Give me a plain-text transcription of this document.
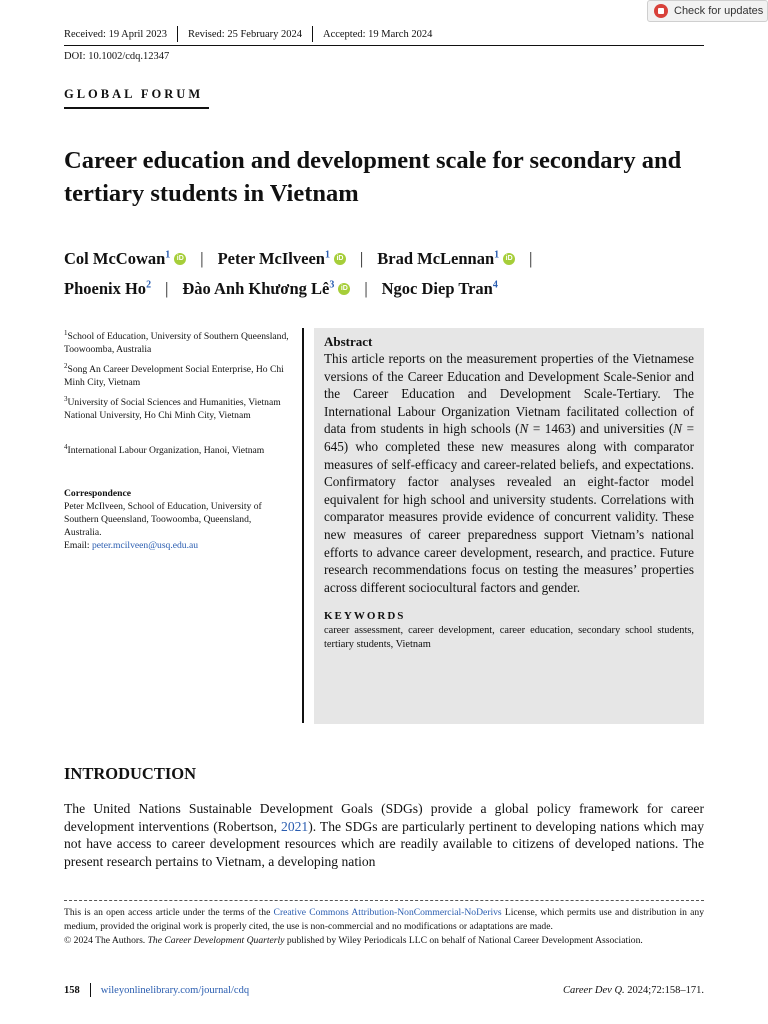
Check for updates
Received: 19 April 2023 Revised: 25 February 2024 Accepted: 19 March 2024
DOI: 10.1002/cdq.12347
GLOBAL FORUM
Career education and development scale for secondary and tertiary students in Vietnam
Col McCowan$^1$ iD | Peter McIlveen$^1$ iD | Brad McLennan$^1$ iD |
Phoenix Ho$^2$ | Đào Anh Khương $Lê^3$ iD | Ngoc Diep Tran$^4$
$^1$School of Education, University of Southern Queensland, Toowoomba, Australia
$^2$Song An Career Development Social Enterprise, Ho Chi Minh City, Vietnam
$^3$University of Social Sciences and Humanities, Vietnam National University, Ho Chi Minh City, Vietnam
$^4$International Labour Organization, Hanoi, Vietnam
Correspondence
Peter McIlveen, School of Education, University of Southern Queensland, Toowoomba, Queensland, Australia.
Email: peter.mcilveen@usq.edu.au
Abstract

This article reports on the measurement properties of the Vietnamese versions of the Career Education and Development Scale-Senior and the Career Education and Development Scale-Tertiary. The International Labour Organization Vietnam facilitated collection of data from students in high schools (N = 1463) and universities (N = 645) who completed these new measures along with comparator measures of self-efficacy and career-related beliefs, and expectations. Confirmatory factor analyses revealed an eight-factor model equivalent for high school and university students. Correlations with comparator measures provide evidence of concurrent validity. These new measures of career preparedness support Vietnam’s national efforts to advance career development, research, and practice. Future research recommendations focus on testing the measures’ properties across different sociocultural factors and gender.

KEYWORDS
career assessment, career development, career education, secondary school students, tertiary students, Vietnam
INTRODUCTION
The United Nations Sustainable Development Goals (SDGs) provide a global policy framework for career development interventions (Robertson, 2021). The SDGs are particularly pertinent to developing nations which may not have access to career development resources which are readily available to citizens of developed nations. The present research pertains to Vietnam, a developing nation
This is an open access article under the terms of the Creative Commons Attribution-NonCommercial-NoDerivs License, which permits use and distribution in any medium, provided the original work is properly cited, the use is non-commercial and no modifications or adaptations are made.
© 2024 The Authors. The Career Development Quarterly published by Wiley Periodicals LLC on behalf of National Career Development Association.
158 wileyonlinelibrary.com/journal/cdq	Career Dev Q. 2024;72:158–171.
